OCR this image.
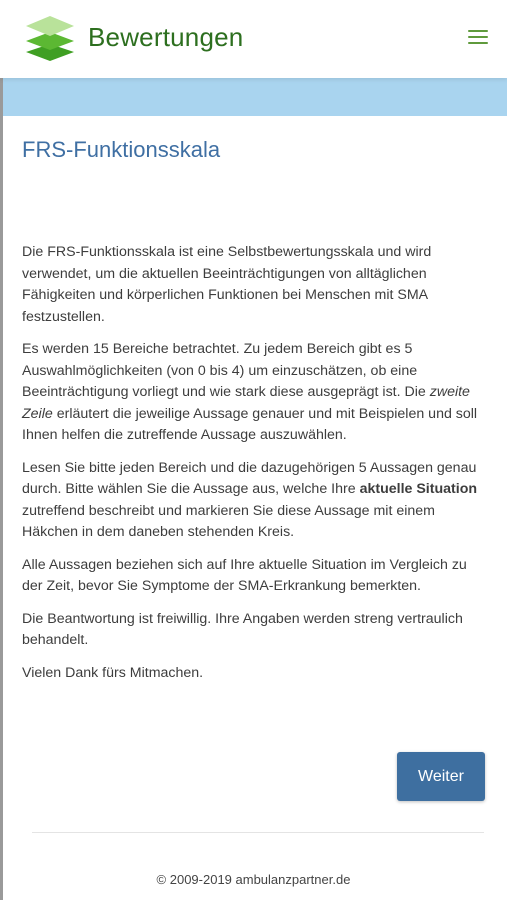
Bewertungen
FRS-Funktionsskala

Die FRS-Funktionsskala ist eine Selbstbewertungsskala und wird verwendet, um die aktuellen Beeinträchtigungen von alltäglichen Fähigkeiten und körperlichen Funktionen bei Menschen mit SMA festzustellen.

Es werden 15 Bereiche betrachtet. Zu jedem Bereich gibt es 5 Auswahlmöglichkeiten (von 0 bis 4) um einzuschätzen, ob eine Beeinträchtigung vorliegt und wie stark diese ausgeprägt ist. Die zweite Zeile erläutert die jeweilige Aussage genauer und mit Beispielen und soll Ihnen helfen die zutreffende Aussage auszuwählen.

Lesen Sie bitte jeden Bereich und die dazugehörigen 5 Aussagen genau durch. Bitte wählen Sie die Aussage aus, welche Ihre aktuelle Situation zutreffend beschreibt und markieren Sie diese Aussage mit einem Häkchen in dem daneben stehenden Kreis.

Alle Aussagen beziehen sich auf Ihre aktuelle Situation im Vergleich zu der Zeit, bevor Sie Symptome der SMA-Erkrankung bemerkten.

Die Beantwortung ist freiwillig. Ihre Angaben werden streng vertraulich behandelt.

Vielen Dank fürs Mitmachen.

Weiter
© 2009-2019 ambulanzpartner.de
